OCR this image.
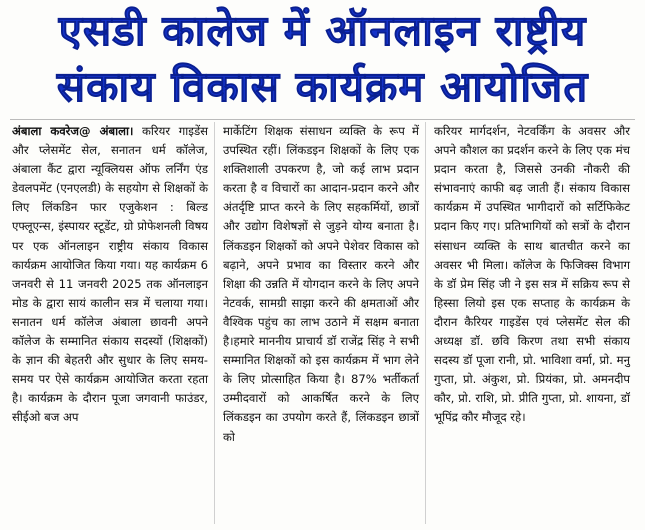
एसडी कालेज में ऑनलाइन राष्ट्रीय
संकाय विकास कार्यक्रम आयोजित
अंबाला कवरेज@ अंबाला। करियर गाइडेंस और प्लेसमेंट सेल, सनातन धर्म कॉलेज, अंबाला कैंट द्वारा न्यूक्लियस ऑफ लर्निंग एंड डेवलपमेंट (एनएलडी) के सहयोग से शिक्षकों के लिए लिंकडिन फार एजुकेशन : बिल्ड एफ्लूएन्स, इंस्पायर स्टूडेंट, ग्रो प्रोफेशनली विषय पर एक ऑनलाइन राष्ट्रीय संकाय विकास कार्यक्रम आयोजित किया गया। यह कार्यक्रम 6 जनवरी से 11 जनवरी 2025 तक ऑनलाइन मोड के द्वारा सायं कालीन सत्र में चलाया गया। सनातन धर्म कॉलेज अंबाला छावनी अपने कॉलेज के सम्मानित संकाय सदस्यों (शिक्षकों) के ज्ञान की बेहतरी और सुधार के लिए समय-समय पर ऐसे कार्यक्रम आयोजित करता रहता है। कार्यक्रम के दौरान पूजा जगवानी फाउंडर, सीईओ बज अप
मार्केटिंग शिक्षक संसाधन व्यक्ति के रूप में उपस्थित रहीं। लिंकडइन शिक्षकों के लिए एक शक्तिशाली उपकरण है, जो कई लाभ प्रदान करता है व विचारों का आदान-प्रदान करने और अंतर्दृष्टि प्राप्त करने के लिए सहकर्मियों, छात्रों और उद्योग विशेषज्ञों से जुड़ने योग्य बनाता है। लिंकडइन शिक्षकों को अपने पेशेवर विकास को बढ़ाने, अपने प्रभाव का विस्तार करने और शिक्षा की उन्नति में योगदान करने के लिए अपने नेटवर्क, सामग्री साझा करने की क्षमताओं और वैश्विक पहुंच का लाभ उठाने में सक्षम बनाता है।हमारे माननीय प्राचार्य डॉ राजेंद्र सिंह ने सभी सम्मानित शिक्षकों को इस कार्यक्रम में भाग लेने के लिए प्रोत्साहित किया है। 87% भर्तीकर्ता उम्मीदवारों को आकर्षित करने के लिए लिंकडइन का उपयोग करते हैं, लिंकडइन छात्रों को
करियर मार्गदर्शन, नेटवर्किंग के अवसर और अपने कौशल का प्रदर्शन करने के लिए एक मंच प्रदान करता है, जिससे उनकी नौकरी की संभावनाएं काफी बढ़ जाती हैं। संकाय विकास कार्यक्रम में उपस्थित भागीदारों को सर्टिफिकेट प्रदान किए गए। प्रतिभागियों को सत्रों के दौरान संसाधन व्यक्ति के साथ बातचीत करने का अवसर भी मिला। कॉलेज के फिजिक्स विभाग के डॉ प्रेम सिंह जी ने इस सत्र में सक्रिय रूप से हिस्सा लियो इस एक सप्ताह के कार्यक्रम के दौरान कैरियर गाइडेंस एवं प्लेसमेंट सेल की अध्यक्ष डॉ. छवि किरण तथा सभी संकाय सदस्य डॉ पूजा रानी, प्रो. भाविशा वर्मा, प्रो. मनु गुप्ता, प्रो. अंकुश, प्रो. प्रियंका, प्रो. अमनदीप कौर, प्रो. राशि, प्रो. प्रीति गुप्ता, प्रो. शायना, डॉ भूपिंद्र कौर मौजूद रहे।
